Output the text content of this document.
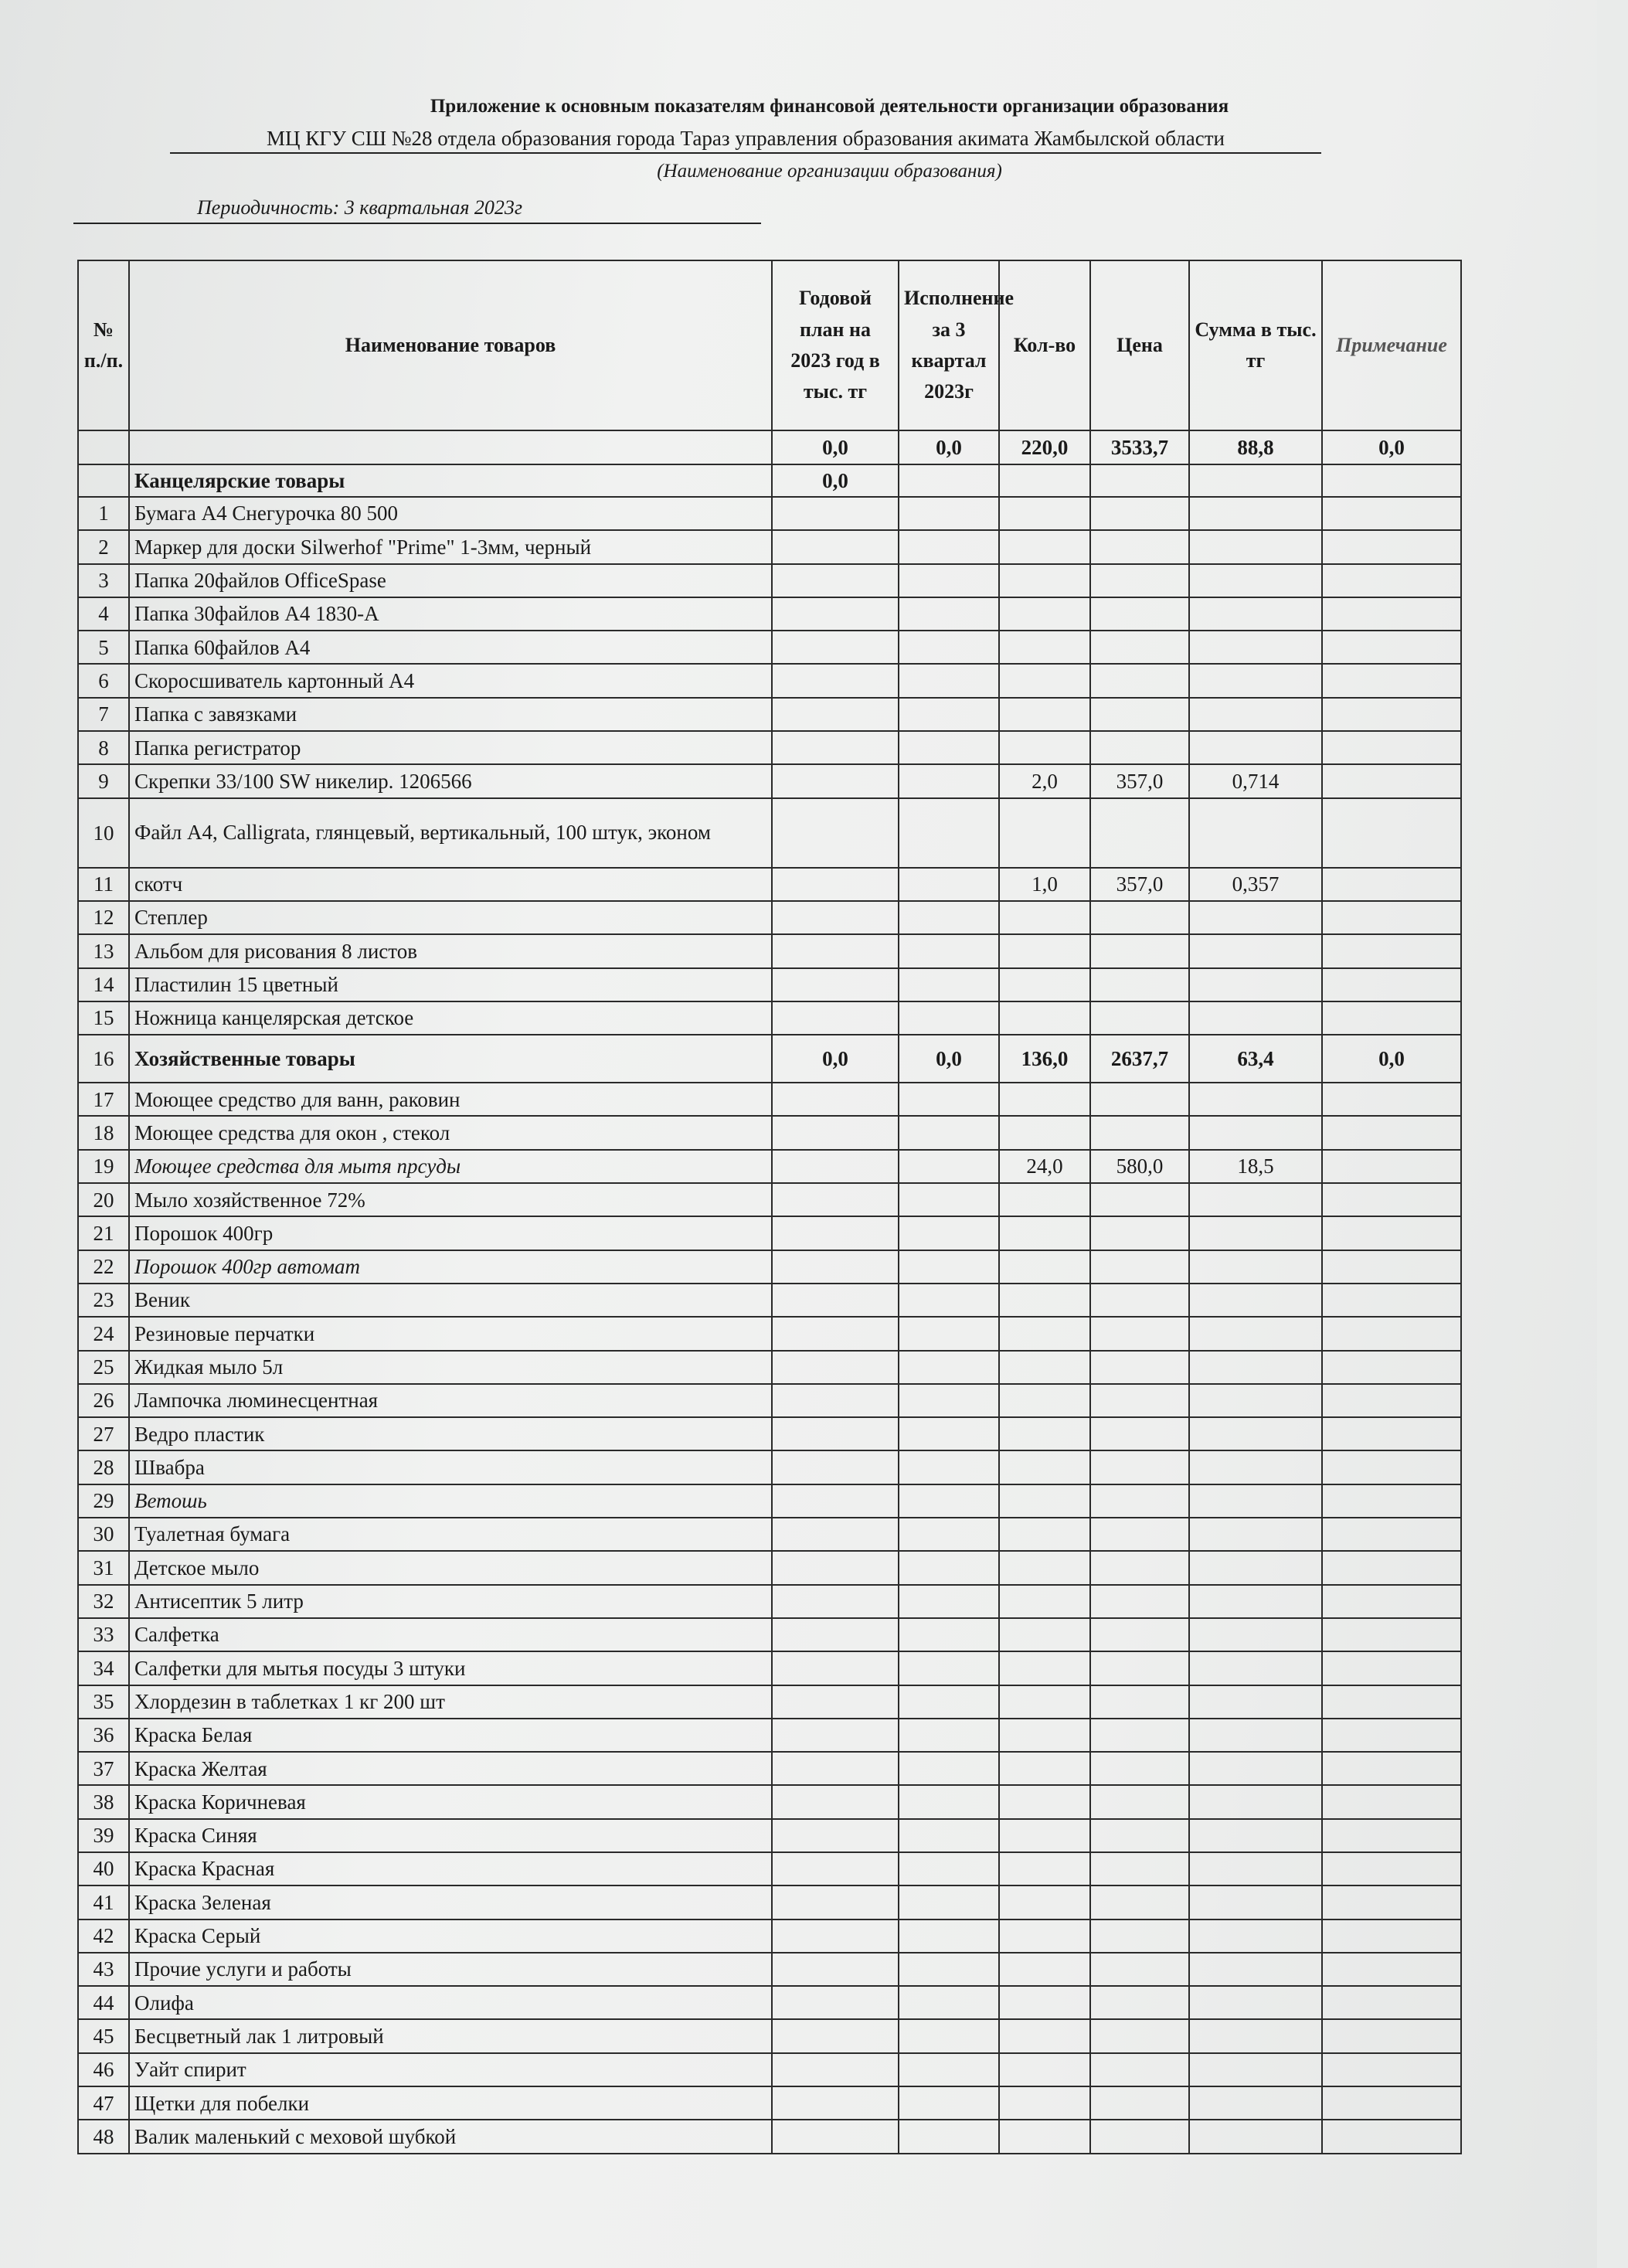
Приложение к основным показателям финансовой деятельности организации образования
МЦ КГУ СШ №28 отдела образования города Тараз управления образования акимата Жамбылской области
(Наименование организации образования)
Периодичность: 3 квартальная 2023г
№ п./п.	Наименование товаров	Годовой план на 2023 год в тыс. тг	Исполнение за 3 квартал 2023г	Кол-во	Цена	Сумма в тыс. тг	Примечание
		0,0	0,0	220,0	3533,7	88,8	0,0
	Канцелярские товары	0,0					
1	Бумага А4 Снегурочка 80 500						
2	Маркер для доски Silwerhof "Prime" 1-3мм, черный						
3	Папка 20файлов OfficeSpase						
4	Папка 30файлов А4 1830-А						
5	Папка 60файлов А4						
6	Скоросшиватель картонный А4						
7	Папка с завязками						
8	Папка регистратор						
9	Скрепки 33/100 SW никелир. 1206566			2,0	357,0	0,714	
10	Файл А4, Calligrata, глянцевый, вертикальный, 100 штук, эконом						
11	скотч			1,0	357,0	0,357	
12	Степлер						
13	Альбом для рисования 8 листов						
14	Пластилин 15 цветный						
15	Ножница канцелярская детское						
16	Хозяйственные товары	0,0	0,0	136,0	2637,7	63,4	0,0
17	Моющее средство для ванн, раковин						
18	Моющее средства для окон , стекол						
19	Моющее средства для мытя прсуды			24,0	580,0	18,5	
20	Мыло хозяйственное 72%						
21	Порошок 400гр						
22	Порошок 400гр автомат						
23	Веник						
24	Резиновые перчатки						
25	Жидкая мыло 5л						
26	Лампочка люминесцентная						
27	Ведро пластик						
28	Швабра						
29	Ветошь						
30	Туалетная бумага						
31	Детское мыло						
32	Антисептик 5 литр						
33	Салфетка						
34	Салфетки для мытья посуды 3 штуки						
35	Хлордезин в таблетках 1 кг 200 шт						
36	Краска Белая						
37	Краска Желтая						
38	Краска Коричневая						
39	Краска Синяя						
40	Краска Красная						
41	Краска Зеленая						
42	Краска Серый						
43	Прочие услуги и работы						
44	Олифа						
45	Бесцветный лак 1 литровый						
46	Уайт спирит						
47	Щетки для побелки						
48	Валик маленький с меховой шубкой						
